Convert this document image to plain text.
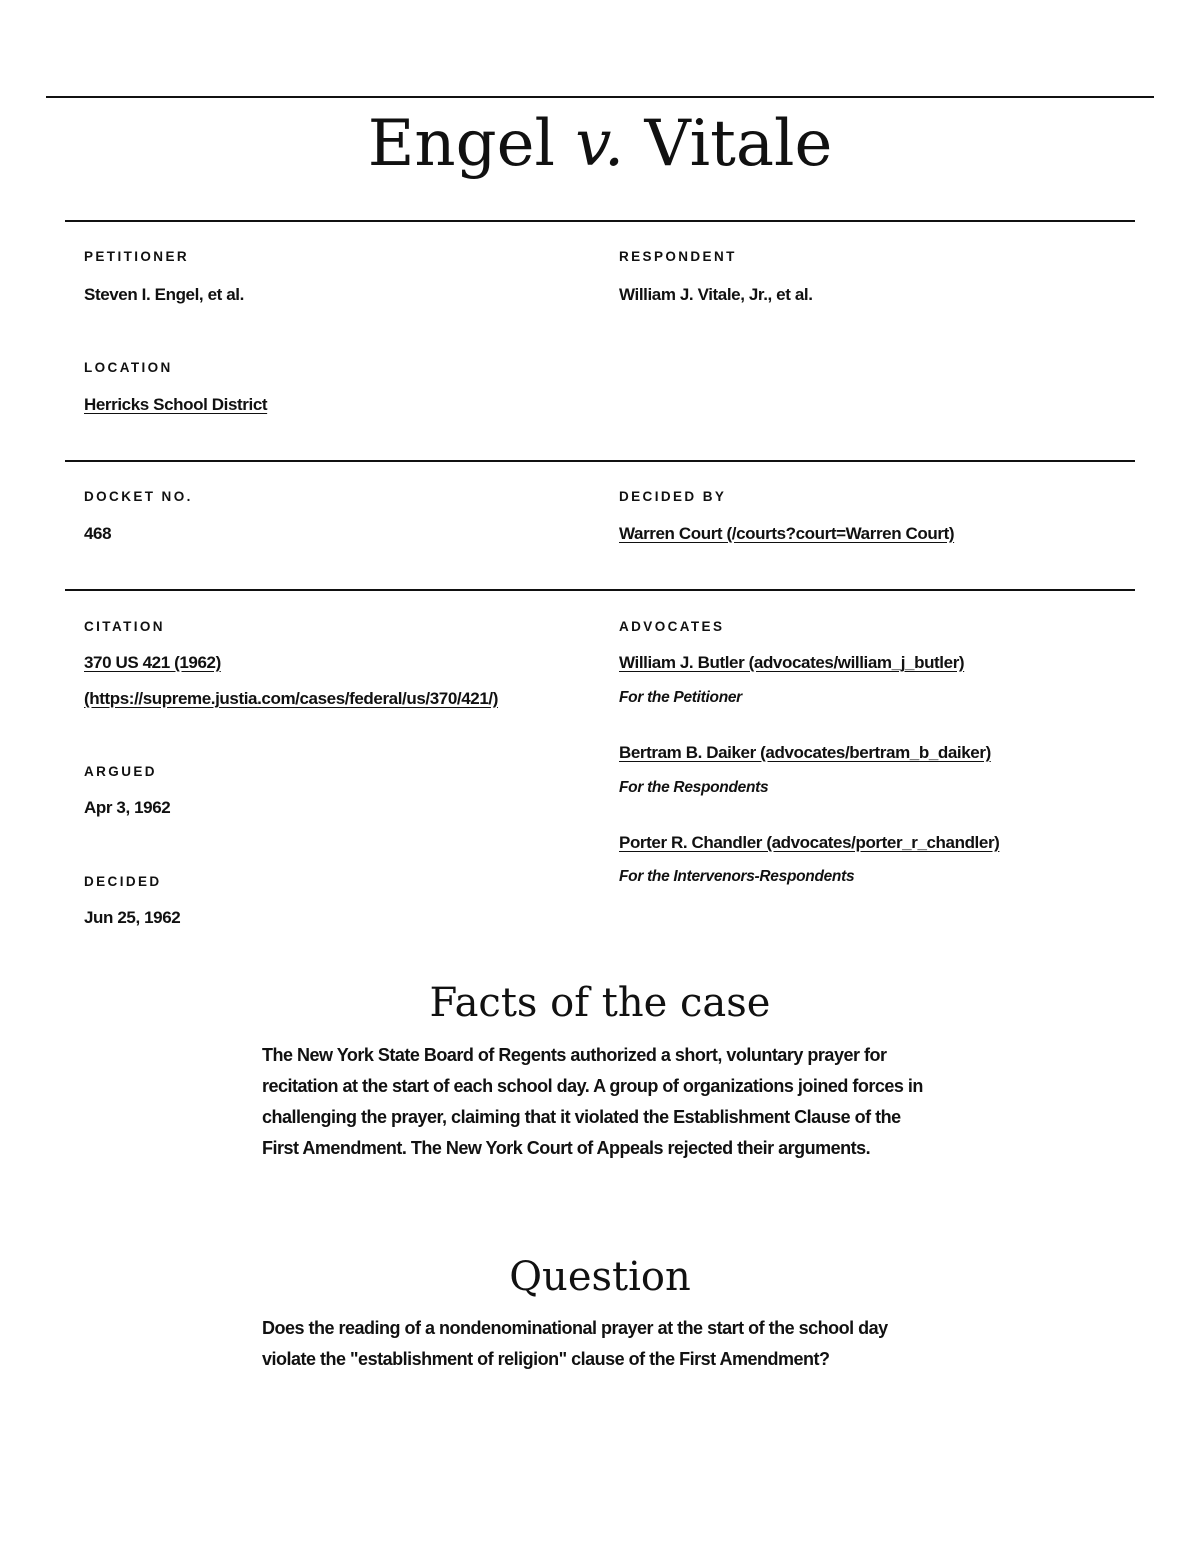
Engel v. Vitale
PETITIONER
Steven I. Engel, et al.
RESPONDENT
William J. Vitale, Jr., et al.
LOCATION
Herricks School District
DOCKET NO.
468
DECIDED BY
Warren Court (/courts?court=Warren Court)
CITATION
370 US 421 (1962)
(https://supreme.justia.com/cases/federal/us/370/421/)
ARGUED
Apr 3, 1962
DECIDED
Jun 25, 1962
ADVOCATES
William J. Butler (advocates/william_j_butler)
For the Petitioner
Bertram B. Daiker (advocates/bertram_b_daiker)
For the Respondents
Porter R. Chandler (advocates/porter_r_chandler)
For the Intervenors-Respondents
Facts of the case

The New York State Board of Regents authorized a short, voluntary prayer for recitation at the start of each school day. A group of organizations joined forces in challenging the prayer, claiming that it violated the Establishment Clause of the First Amendment. The New York Court of Appeals rejected their arguments.

Question

Does the reading of a nondenominational prayer at the start of the school day violate the "establishment of religion" clause of the First Amendment?
